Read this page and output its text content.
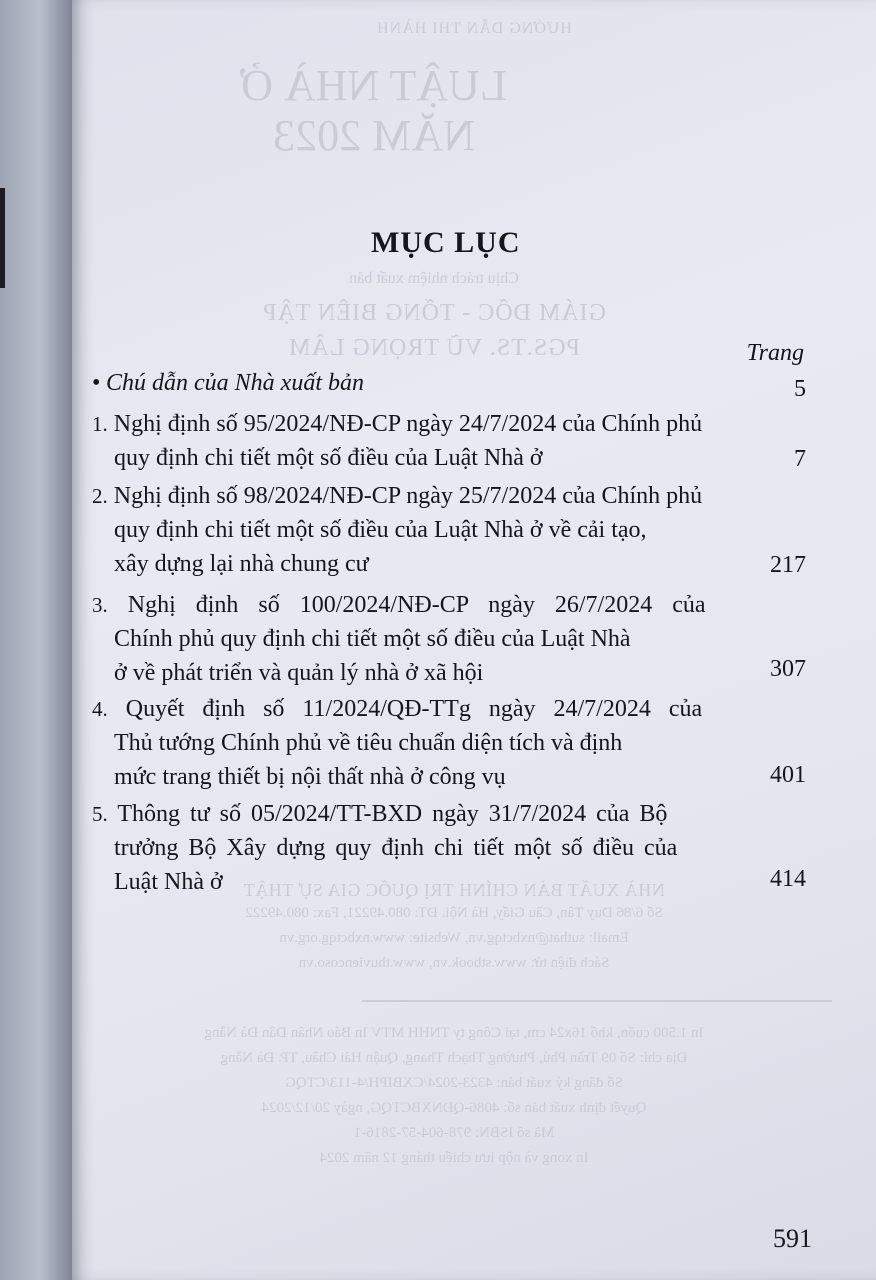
HƯỚNG DẪN THI HÀNH
LUẬT NHÀ Ở
NĂM 2023
Chịu trách nhiệm xuất bản
GIÁM ĐỐC - TỔNG BIÊN TẬP
PGS.TS. VŨ TRỌNG LÂM
NHÀ XUẤT BẢN CHÍNH TRỊ QUỐC GIA SỰ THẬT
Số 6/86 Duy Tân, Cầu Giấy, Hà Nội. ĐT: 080.49221, Fax: 080.49222
Email: suthat@nxbctqg.vn, Website: www.nxbctqg.org.vn
Sách điện tử: www.stbook.vn, www.thuviencoso.vn
In 1.500 cuốn, khổ 16x24 cm, tại Công ty TNHH MTV In Báo Nhân Dân Đà Nẵng
Địa chỉ: Số 09 Trần Phú, Phường Thạch Thang, Quận Hải Châu, TP. Đà Nẵng
Số đăng ký xuất bản: 4323-2024/CXBIPH/4-113/CTQG
Quyết định xuất bản số: 4086-QĐNXBCTQG, ngày 20/12/2024
Mã số ISBN: 978-604-57-2816-1
In xong và nộp lưu chiểu tháng 12 năm 2024
MỤC LỤC
Trang
• Chú dẫn của Nhà xuất bản	5
1. Nghị định số 95/2024/NĐ-CP ngày 24/7/2024 của Chính phủ
quy định chi tiết một số điều của Luật Nhà ở	7
2. Nghị định số 98/2024/NĐ-CP ngày 25/7/2024 của Chính phủ
quy định chi tiết một số điều của Luật Nhà ở về cải tạo,
xây dựng lại nhà chung cư	217
3. Nghị định số 100/2024/NĐ-CP ngày 26/7/2024 của
Chính phủ quy định chi tiết một số điều của Luật Nhà
ở về phát triển và quản lý nhà ở xã hội	307
4. Quyết định số 11/2024/QĐ-TTg ngày 24/7/2024 của
Thủ tướng Chính phủ về tiêu chuẩn diện tích và định
mức trang thiết bị nội thất nhà ở công vụ	401
5. Thông tư số 05/2024/TT-BXD ngày 31/7/2024 của Bộ
trưởng Bộ Xây dựng quy định chi tiết một số điều của
Luật Nhà ở	414
591
